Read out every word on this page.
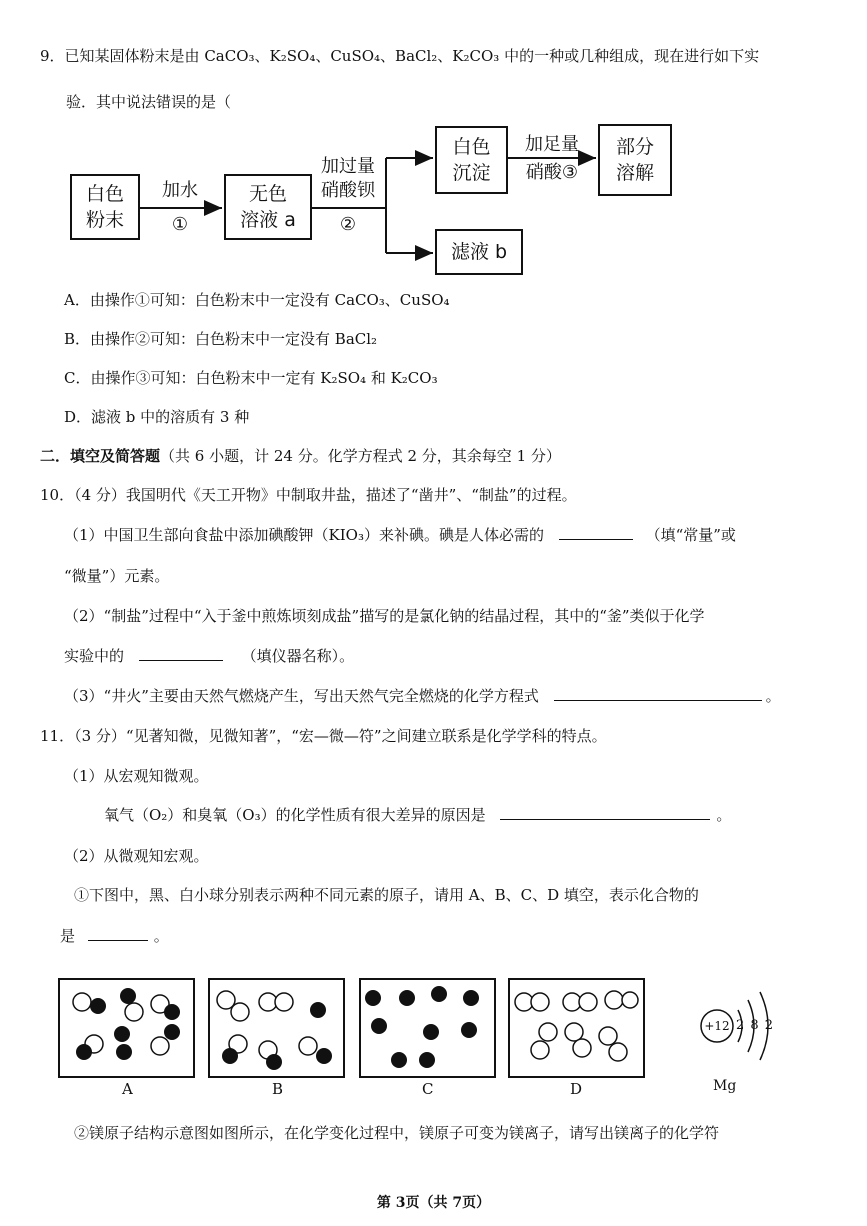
9．已知某固体粉末是由 CaCO₃、K₂SO₄、CuSO₄、BaCl₂、K₂CO₃ 中的一种或几种组成，现在进行如下实
验．其中说法错误的是（
白色
粉末
加水
①
无色
溶液 a
加过量
硝酸钡
②
白色
沉淀
加足量
硝酸③
部分
溶解
滤液 b
A．由操作①可知：白色粉末中一定没有 CaCO₃、CuSO₄
B．由操作②可知：白色粉末中一定没有 BaCl₂
C．由操作③可知：白色粉末中一定有 K₂SO₄ 和 K₂CO₃
D．滤液 b 中的溶质有 3 种
二．填空及简答题（共 6 小题，计 24 分。化学方程式 2 分，其余每空 1 分）
10．（4 分）我国明代《天工开物》中制取井盐，描述了“凿井”、“制盐”的过程。
（1）中国卫生部向食盐中添加碘酸钾（KIO₃）来补碘。碘是人体必需的	（填“常量”或
“微量”）元素。
（2）“制盐”过程中“入于釜中煎炼顷刻成盐”描写的是氯化钠的结晶过程，其中的“釜”类似于化学
实验中的	（填仪器名称）。
（3）“井火”主要由天然气燃烧产生，写出天然气完全燃烧的化学方程式	。
11．（3 分）“见著知微，见微知著”，“宏—微—符”之间建立联系是化学学科的特点。
（1）从宏观知微观。
氧气（O₂）和臭氧（O₃）的化学性质有很大差异的原因是	。
（2）从微观知宏观。
①下图中，黑、白小球分别表示两种不同元素的原子，请用 A、B、C、D 填空，表示化合物的
是	。
A	B	C	D
+12 2 8 2
Mg
②镁原子结构示意图如图所示，在化学变化过程中，镁原子可变为镁离子，请写出镁离子的化学符
第 3页（共 7页）
